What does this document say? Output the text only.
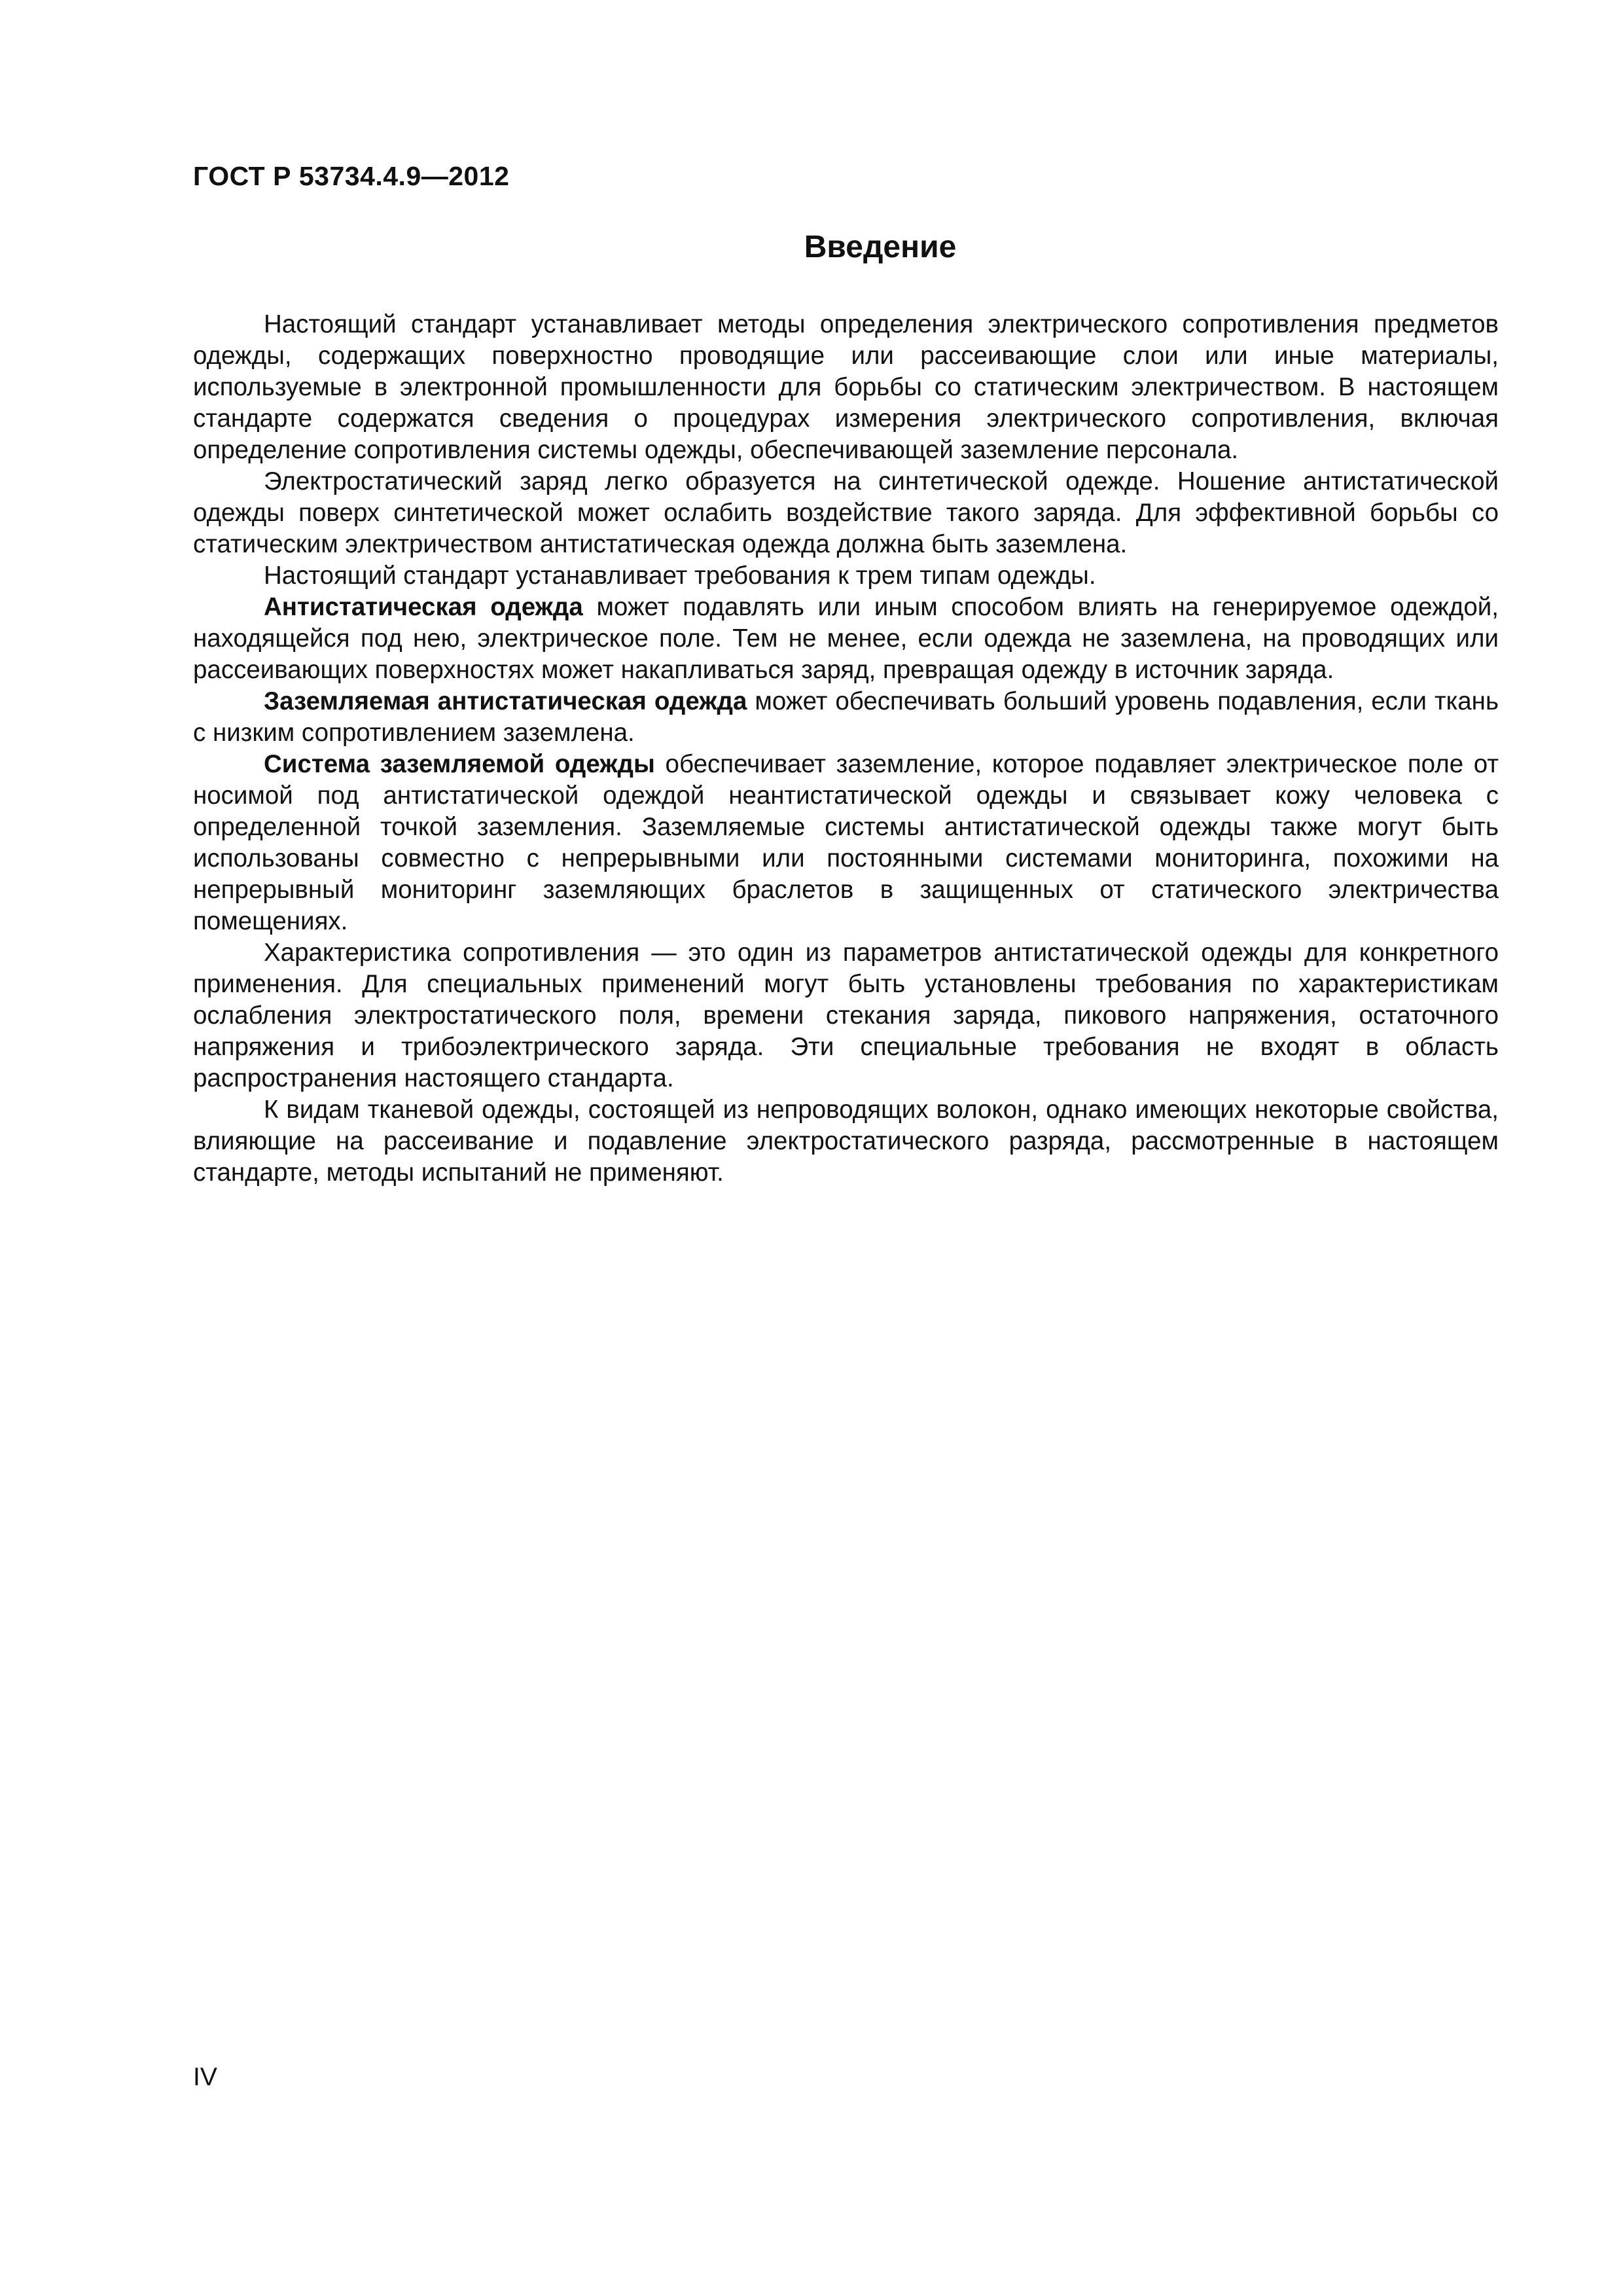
ГОСТ Р 53734.4.9—2012

Введение

Настоящий стандарт устанавливает методы определения электрического сопротивления предметов одежды, содержащих поверхностно проводящие или рассеивающие слои или иные материалы, используемые в электронной промышленности для борьбы со статическим электричеством. В настоящем стандарте содержатся сведения о процедурах измерения электрического сопротивления, включая определение сопротивления системы одежды, обеспечивающей заземление персонала.

Электростатический заряд легко образуется на синтетической одежде. Ношение антистатической одежды поверх синтетической может ослабить воздействие такого заряда. Для эффективной борьбы со статическим электричеством антистатическая одежда должна быть заземлена.

Настоящий стандарт устанавливает требования к трем типам одежды.

Антистатическая одежда может подавлять или иным способом влиять на генерируемое одеждой, находящейся под нею, электрическое поле. Тем не менее, если одежда не заземлена, на проводящих или рассеивающих поверхностях может накапливаться заряд, превращая одежду в источник заряда.

Заземляемая антистатическая одежда может обеспечивать больший уровень подавления, если ткань с низким сопротивлением заземлена.

Система заземляемой одежды обеспечивает заземление, которое подавляет электрическое поле от носимой под антистатической одеждой неантистатической одежды и связывает кожу человека с определенной точкой заземления. Заземляемые системы антистатической одежды также могут быть использованы совместно с непрерывными или постоянными системами мониторинга, похожими на непрерывный мониторинг заземляющих браслетов в защищенных от статического электричества помещениях.

Характеристика сопротивления — это один из параметров антистатической одежды для конкретного применения. Для специальных применений могут быть установлены требования по характеристикам ослабления электростатического поля, времени стекания заряда, пикового напряжения, остаточного напряжения и трибоэлектрического заряда. Эти специальные требования не входят в область распространения настоящего стандарта.

К видам тканевой одежды, состоящей из непроводящих волокон, однако имеющих некоторые свойства, влияющие на рассеивание и подавление электростатического разряда, рассмотренные в настоящем стандарте, методы испытаний не применяют.

IV
